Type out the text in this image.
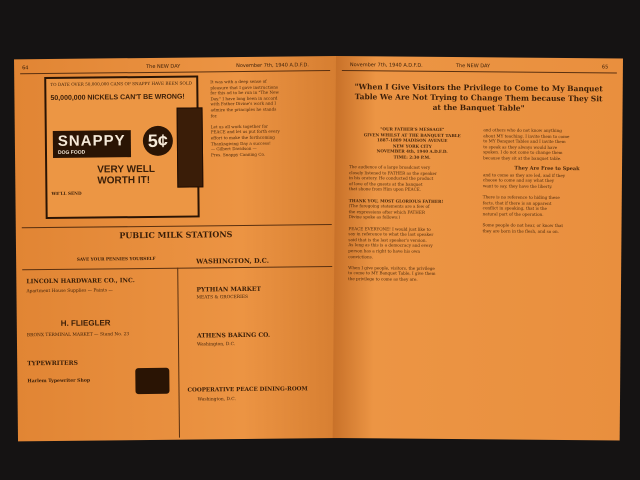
64	The NEW DAY	November 7th, 1940 A.D.F.D.
TO DATE OVER 50,000,000 CANS OF SNAPPY HAVE BEEN SOLD
50,000,000 NICKELS CAN'T BE WRONG!
SNAPPY
DOG FOOD
5¢
VERY WELL
WORTH IT!
WE'LL SEND
It was with a deep sense of
pleasure that I gave instructions
for this ad to be run in "The New
Day." I have long been in accord
with Father Divine's work and I
admire the principles he stands
for.

Let us all work together for
PEACE and let us put forth every
effort to make the forthcoming
Thanksgiving Day a success!
— Gilbert Davidson —
Pres. Snappy Canning Co.
PUBLIC MILK STATIONS
SAVE YOUR PENNIES YOURSELF	WASHINGTON, D.C.
LINCOLN HARDWARE CO., INC.
Apartment House Supplies — Paints —
H. FLIEGLER
BRONX TERMINAL MARKET — Stand No. 23
TYPEWRITERS
Harlem Typewriter Shop
PYTHIAN MARKET
MEATS & GROCERIES
ATHENS BAKING CO.
Washington, D.C.
COOPERATIVE PEACE DINING-ROOM
Washington, D.C.
November 7th, 1940 A.D.F.D.	The NEW DAY	65
"When I Give Visitors the Privilege to Come to My Banquet Table We Are Not Trying to Change Them because They Sit at the Banquet Table"
"OUR FATHER'S MESSAGE"
GIVEN WHILST AT THE BANQUET TABLE
1887-1889 MADISON AVENUE
NEW YORK CITY
NOVEMBER 4th, 1940 A.D.F.D.
TIME: 2:30 P.M.
The audience of a large broadcast very
closely listened to FATHER as the speaker
in his oratory. He conducted the product
of love of the guests at the banquet
that shone from Him upon PEACE.

THANK YOU, MOST GLORIOUS FATHER!
(The foregoing statements are a few of
the expressions after which FATHER
Divine spoke as follows:)

PEACE EVERYONE! I would just like to
say in reference to what the last speaker
said that is the last speaker's version.
As long as this is a democracy and every
person has a right to have his own
convictions.

When I give people, visitors, the privilege
to come to MY Banquet Table, I give them
the privilege to come as they are.
and others who do not know anything
about MY teaching. I invite them to come
to MY Banquet Tables and I invite them
to speak as they always would have
spoken. I do not come to change them
because they sit at the banquet table.

They Are Free to Speak
and to come as they are led, and if they
choose to come and say what they
want to say, they have the liberty.

There is no reference to hiding these
facts, that if there is an apparent
conflict in speaking, that is the
natural part of the operation.

Some people do not hear, or know that
they are born in the flesh, and so on.
